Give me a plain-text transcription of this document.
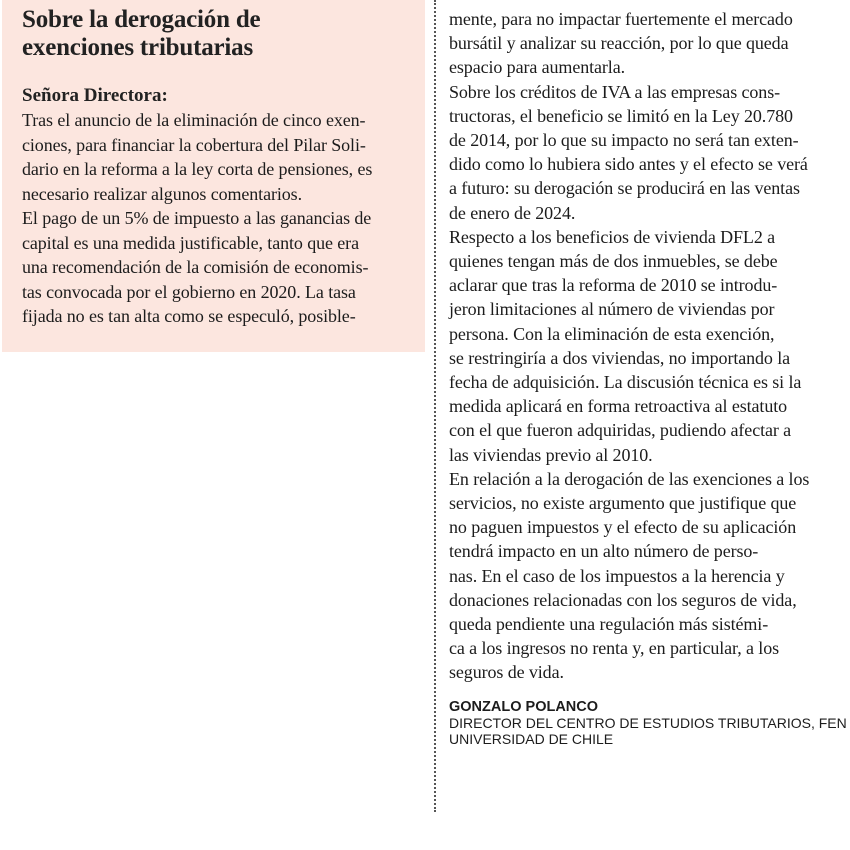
Sobre la derogación de
exenciones tributarias
Señora Directora:

Tras el anuncio de la eliminación de cinco exen-
ciones, para financiar la cobertura del Pilar Soli-
dario en la reforma a la ley corta de pensiones, es
necesario realizar algunos comentarios.

El pago de un 5% de impuesto a las ganancias de
capital es una medida justificable, tanto que era
una recomendación de la comisión de economis-
tas convocada por el gobierno en 2020. La tasa
fijada no es tan alta como se especuló, posible-

mente, para no impactar fuertemente el mercado
bursátil y analizar su reacción, por lo que queda
espacio para aumentarla.

Sobre los créditos de IVA a las empresas cons-
tructoras, el beneficio se limitó en la Ley 20.780
de 2014, por lo que su impacto no será tan exten-
dido como lo hubiera sido antes y el efecto se verá
a futuro: su derogación se producirá en las ventas
de enero de 2024.

Respecto a los beneficios de vivienda DFL2 a
quienes tengan más de dos inmuebles, se debe
aclarar que tras la reforma de 2010 se introdu-
jeron limitaciones al número de viviendas por
persona. Con la eliminación de esta exención,
se restringiría a dos viviendas, no importando la
fecha de adquisición. La discusión técnica es si la
medida aplicará en forma retroactiva al estatuto
con el que fueron adquiridas, pudiendo afectar a
las viviendas previo al 2010.

En relación a la derogación de las exenciones a los
servicios, no existe argumento que justifique que
no paguen impuestos y el efecto de su aplicación
tendrá impacto en un alto número de perso-
nas. En el caso de los impuestos a la herencia y
donaciones relacionadas con los seguros de vida,
queda pendiente una regulación más sistémi-
ca a los ingresos no renta y, en particular, a los
seguros de vida.

GONZALO POLANCO
DIRECTOR DEL CENTRO DE ESTUDIOS TRIBUTARIOS, FEN
UNIVERSIDAD DE CHILE
